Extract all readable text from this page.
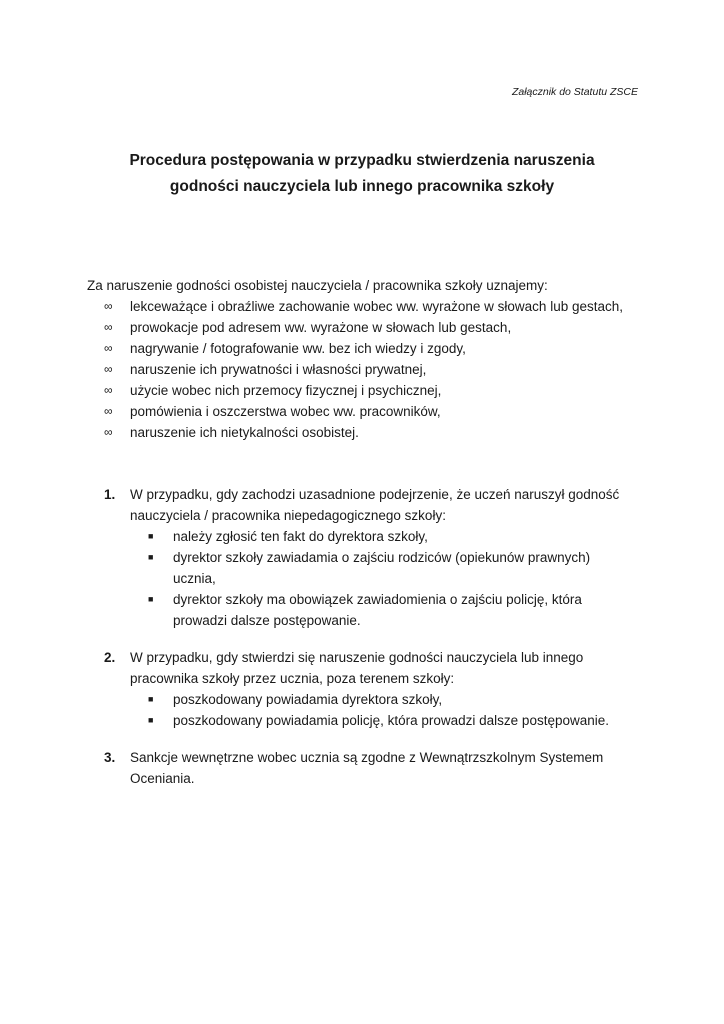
Załącznik do Statutu ZSCE
Procedura postępowania w przypadku stwierdzenia naruszenia
godności nauczyciela lub innego pracownika szkoły
Za naruszenie godności osobistej nauczyciela / pracownika szkoły uznajemy:
∞	lekceważące i obraźliwe zachowanie wobec ww. wyrażone w słowach lub gestach,
∞	prowokacje pod adresem ww. wyrażone w słowach lub gestach,
∞	nagrywanie / fotografowanie ww. bez ich wiedzy i zgody,
∞	naruszenie ich prywatności i własności prywatnej,
∞	użycie wobec nich przemocy fizycznej i psychicznej,
∞	pomówienia i oszczerstwa wobec ww. pracowników,
∞	naruszenie ich nietykalności osobistej.
1.	W przypadku, gdy zachodzi uzasadnione podejrzenie, że uczeń naruszył godność
nauczyciela / pracownika niepedagogicznego szkoły:
■	należy zgłosić ten fakt do dyrektora szkoły,
■	dyrektor szkoły zawiadamia o zajściu rodziców (opiekunów prawnych)
ucznia,
■	dyrektor szkoły ma obowiązek zawiadomienia o zajściu policję, która
prowadzi dalsze postępowanie.
2.	W przypadku, gdy stwierdzi się naruszenie godności nauczyciela lub innego
pracownika szkoły przez ucznia, poza terenem szkoły:
■	poszkodowany powiadamia dyrektora szkoły,
■	poszkodowany powiadamia policję, która prowadzi dalsze postępowanie.
3.	Sankcje wewnętrzne wobec ucznia są zgodne z Wewnątrzszkolnym Systemem
Oceniania.
